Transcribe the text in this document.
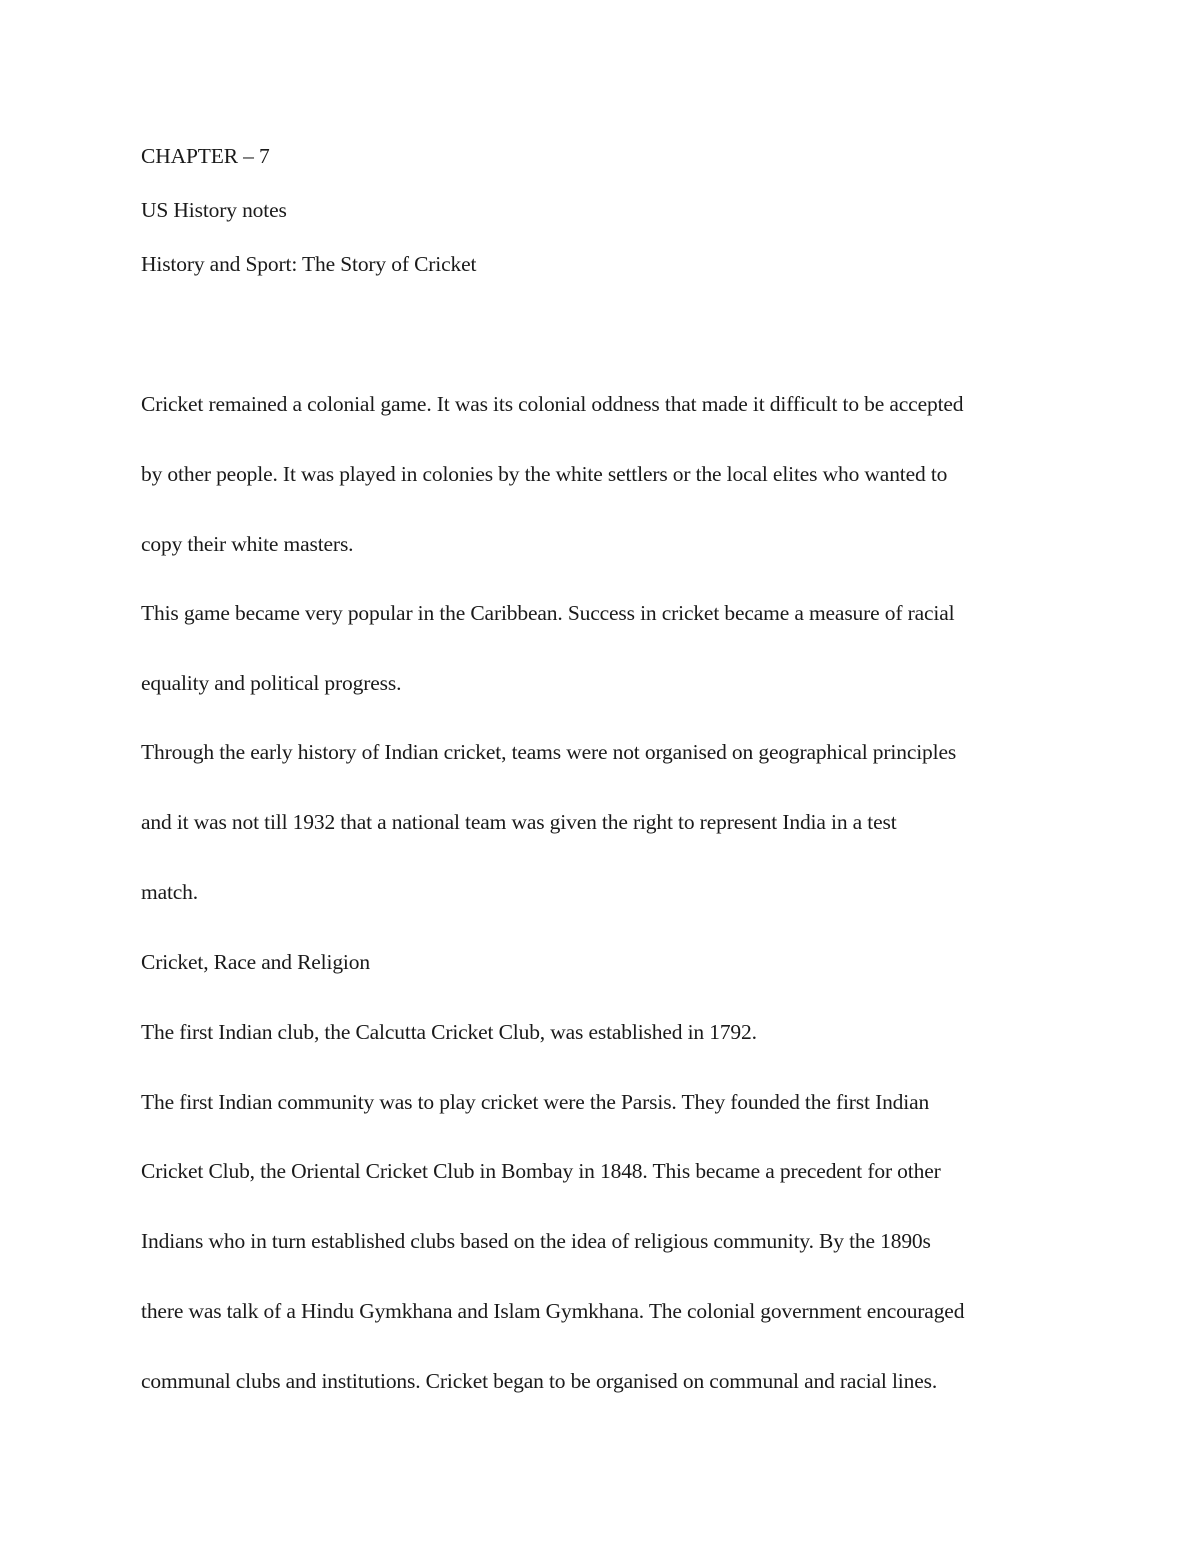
CHAPTER – 7
US History notes
History and Sport: The Story of Cricket
Cricket remained a colonial game. It was its colonial oddness that made it difficult to be accepted
by other people. It was played in colonies by the white settlers or the local elites who wanted to
copy their white masters.
This game became very popular in the Caribbean. Success in cricket became a measure of racial
equality and political progress.
Through the early history of Indian cricket, teams were not organised on geographical principles
and it was not till 1932 that a national team was given the right to represent India in a test
match.
Cricket, Race and Religion
The first Indian club, the Calcutta Cricket Club, was established in 1792.
The first Indian community was to play cricket were the Parsis. They founded the first Indian
Cricket Club, the Oriental Cricket Club in Bombay in 1848. This became a precedent for other
Indians who in turn established clubs based on the idea of religious community. By the 1890s
there was talk of a Hindu Gymkhana and Islam Gymkhana. The colonial government encouraged
communal clubs and institutions. Cricket began to be organised on communal and racial lines.
